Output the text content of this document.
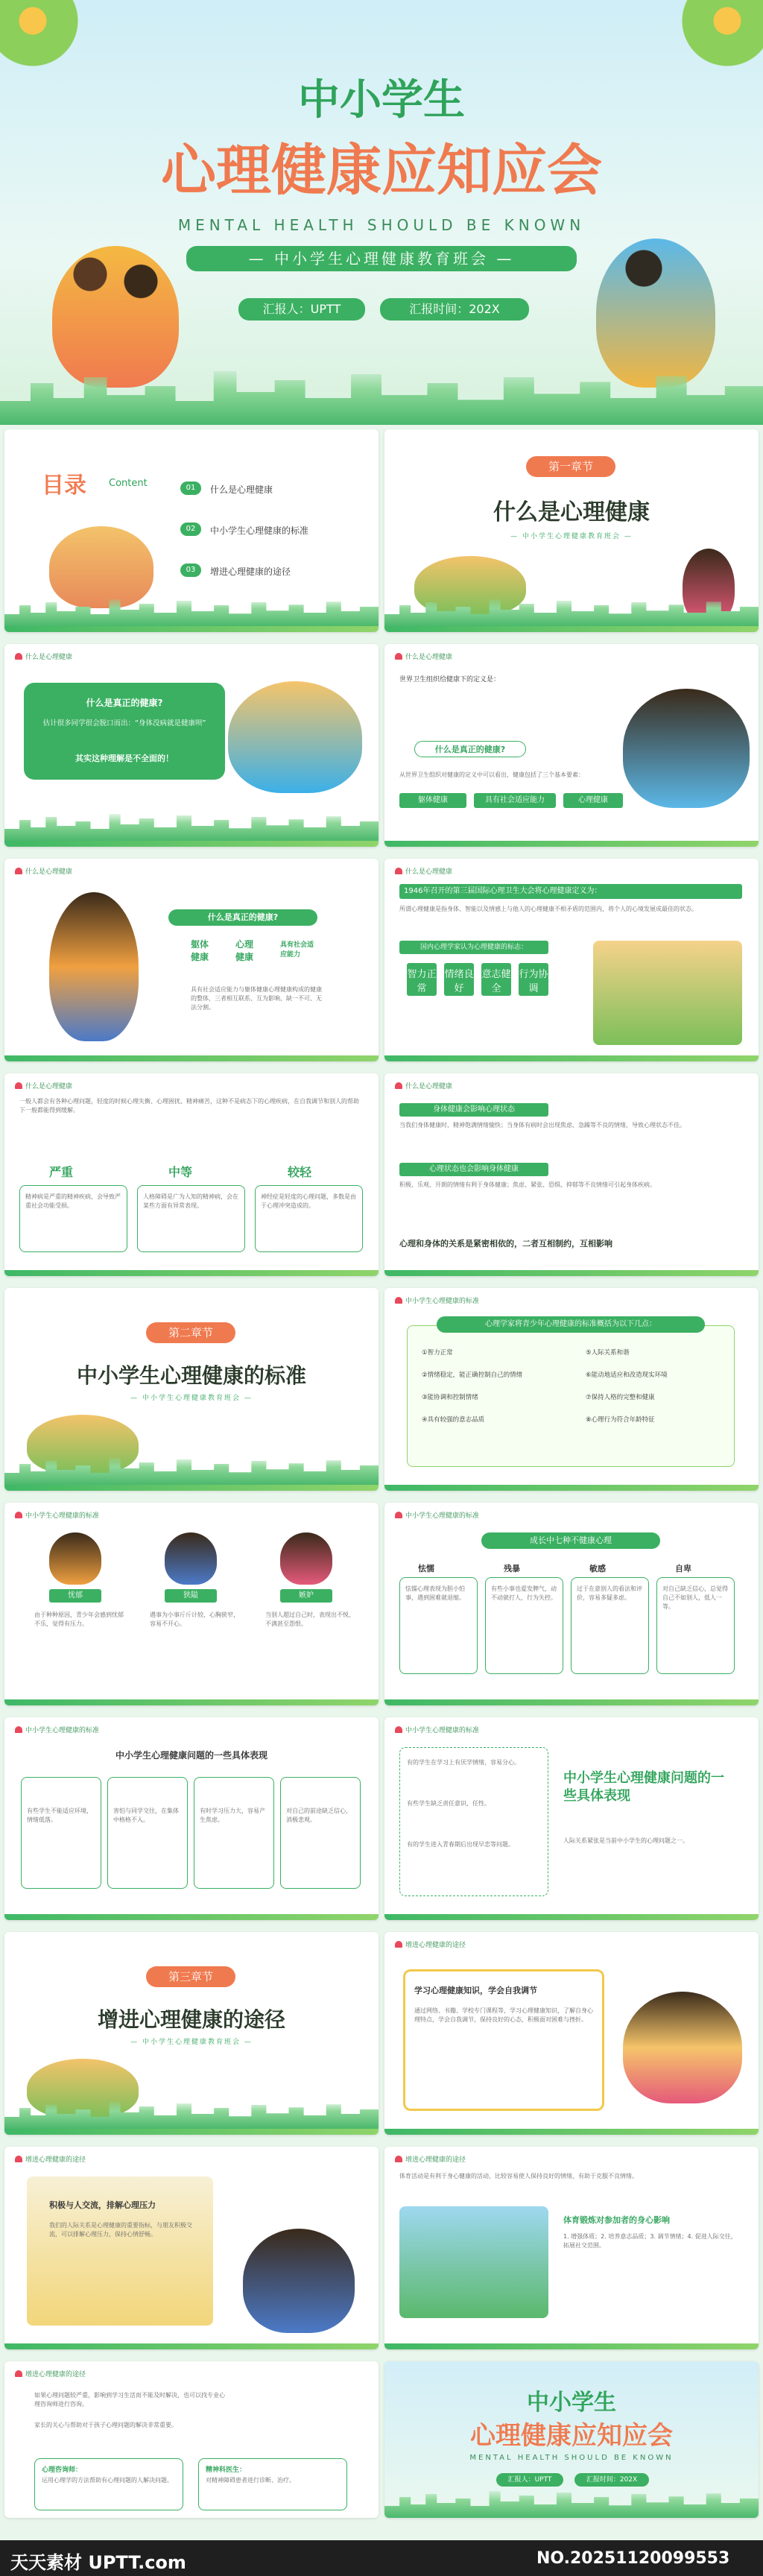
中小学生
心理健康应知应会
MENTAL HEALTH SHOULD BE KNOWN
— 中小学生心理健康教育班会 —
汇报人：UPTT	汇报时间：202X
目录 Content	01	什么是心理健康
02	中小学生心理健康的标准
03	增进心理健康的途径
第一章节
什么是心理健康
— 中小学生心理健康教育班会 —
什么是心理健康
什么是真正的健康?
估计很多同学很会脱口而出：“身体没病就是健康呗”
其实这种理解是不全面的！
什么是心理健康
世界卫生组织给健康下的定义是：
什么是真正的健康?
从世界卫生组织对健康的定义中可以看出，健康包括了三个基本要素：
躯体健康	具有社会适应能力	心理健康
什么是心理健康
什么是真正的健康?
躯体健康
心理健康
具有社会适应能力
具有社会适应能力与躯体健康心理健康构成的健康的整体，三者相互联系、互为影响、缺一不可、无法分割。
什么是心理健康
1946年召开的第三届国际心理卫生大会将心理健康定义为：
所谓心理健康是指身体、智能以及情感上与他人的心理健康不相矛盾的范围内，将个人的心境发展成最佳的状态。
国内心理学家认为心理健康的标志：
智力正常
情绪良好
意志健全
行为协调
什么是心理健康
一般人都会有各种心理问题，轻度的时候心理失衡、心理困扰、精神痛苦，这种不是病态下的心理疾病，在自我调节和别人的帮助下一般都能得到缓解。
严重	中等	较轻
精神病是严重的精神疾病，会导致严重社会功能受损。
人格障碍是广为人知的精神病，会在某些方面有异常表现。
神经症是轻度的心理问题，多数是由于心理冲突造成的。
什么是心理健康
身体健康会影响心理状态
当我们身体健康时，精神饱满情绪愉快；当身体有病时会出现焦虑、急躁等不良的情绪，导致心理状态不佳。
心理状态也会影响身体健康
积极、乐观、开朗的情绪有利于身体健康；焦虑、紧张、恐惧、抑郁等不良情绪可引起身体疾病。
心理和身体的关系是紧密相依的，二者互相制约，互相影响
第二章节
中小学生心理健康的标准
— 中小学生心理健康教育班会 —
中小学生心理健康的标准
心理学家将青少年心理健康的标准概括为以下几点：
①智力正常
②情绪稳定，能正确控制自己的情绪
③能协调和控制情绪
④具有较强的意志品质
⑤人际关系和谐
⑥能动地适应和改造现实环境
⑦保持人格的完整和健康
⑧心理行为符合年龄特征
中小学生心理健康的标准
忧郁	狭隘	嫉妒
由于种种原因，青少年会感到忧郁不乐，觉得有压力。
遇事为小事斤斤计较，心胸狭窄，容易不开心。
当别人超过自己时，表现出不悦、不满甚至怨恨。
中小学生心理健康的标准
成长中七种不健康心理
怯懦	残暴	敏感	自卑
怯懦心理表现为胆小怕事，遇到困难就退缩。
有些小事也爱发脾气，动不动就打人，行为失控。
过于在意别人的看法和评价，容易多疑多虑。
对自己缺乏信心，总觉得自己不如别人，低人一等。
中小学生心理健康的标准
中小学生心理健康问题的一些具体表现
有些学生不能适应环境，情绪低落。
害怕与同学交往，在集体中格格不入。
有时学习压力大，容易产生焦虑。
对自己的前途缺乏信心，消极悲观。
中小学生心理健康的标准
有的学生在学习上有厌学情绪，容易分心。
有些学生缺乏责任意识，任性。
有的学生进入青春期后出现早恋等问题。
中小学生心理健康问题的一些具体表现
人际关系紧张是当前中小学生的心理问题之一。
第三章节
增进心理健康的途径
— 中小学生心理健康教育班会 —
增进心理健康的途径
学习心理健康知识，学会自我调节
通过网络、书籍、学校专门课程等，学习心理健康知识，了解自身心理特点，学会自我调节，保持良好的心态，积极面对困难与挫折。
增进心理健康的途径
积极与人交流，排解心理压力
我们的人际关系是心理健康的重要指标，与朋友积极交流，可以排解心理压力，保持心情舒畅。
增进心理健康的途径
体育活动是有利于身心健康的活动，比较容易使人保持良好的情绪，有助于克服不良情绪。
体育锻炼对参加者的身心影响
1. 增强体质；2. 培养意志品质；3. 调节情绪；4. 促进人际交往，拓展社交范围。
增进心理健康的途径
如果心理问题较严重，影响到学习生活而不能及时解决，也可以找专业心理咨询师进行咨询。
家长的关心与帮助对于孩子心理问题的解决非常重要。
心理咨询师：
运用心理学的方法帮助有心理问题的人解决问题。
精神科医生：
对精神障碍患者进行诊断、治疗。
中小学生
心理健康应知应会
MENTAL HEALTH SHOULD BE KNOWN
汇报人：UPTT	汇报时间：202X
天天素材 UPTT.com	NO.20251120099553
